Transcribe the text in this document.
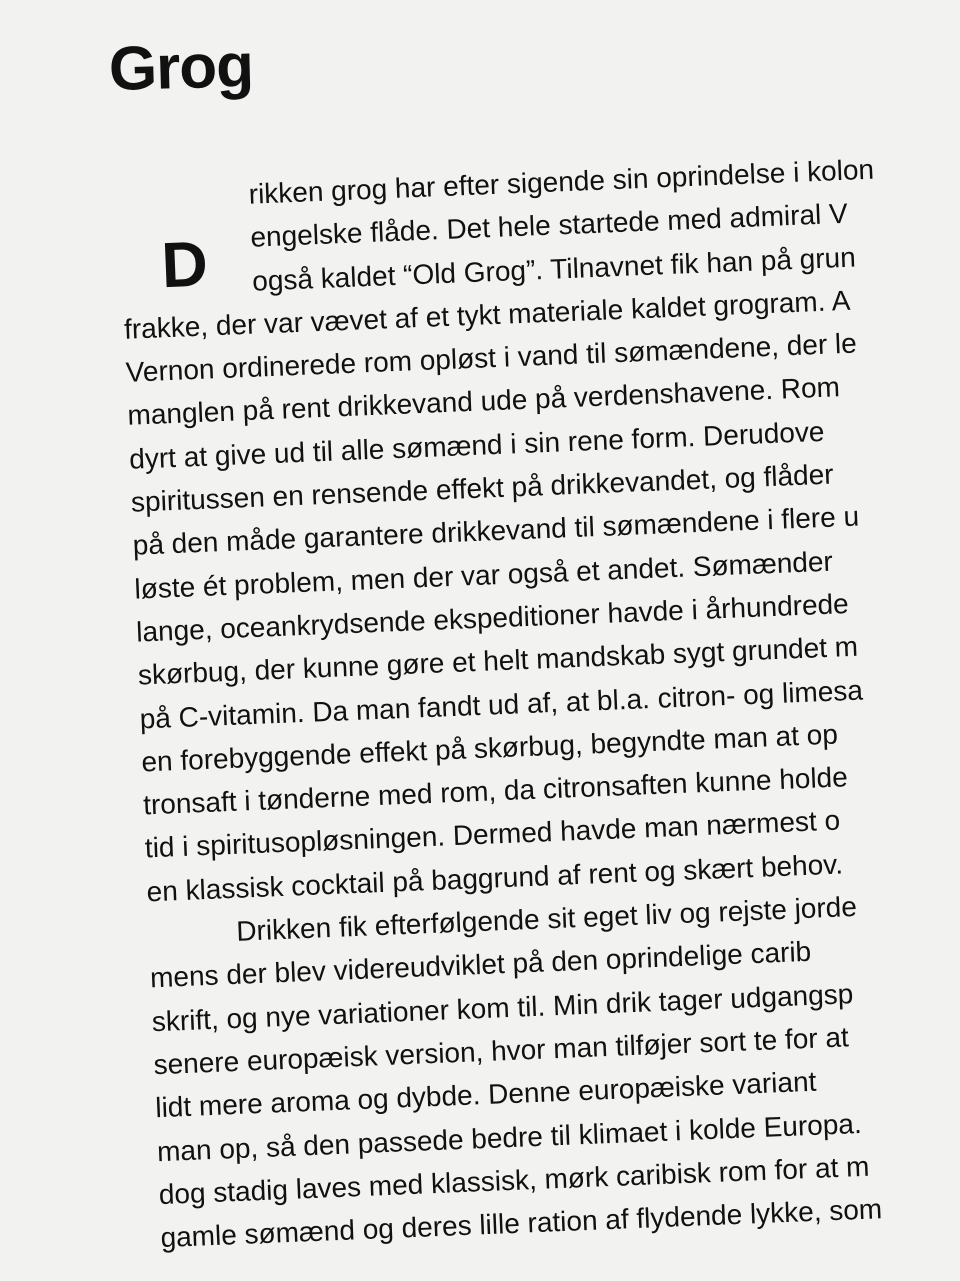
Grog
D
rikken grog har efter sigende sin oprindelse i kolon
engelske flåde. Det hele startede med admiral V
også kaldet “Old Grog”. Tilnavnet fik han på grun
frakke, der var vævet af et tykt materiale kaldet grogram. A
Vernon ordinerede rom opløst i vand til sømændene, der le
manglen på rent drikkevand ude på verdenshavene. Rom
dyrt at give ud til alle sømænd i sin rene form. Derudove
spiritussen en rensende effekt på drikkevandet, og flåder
på den måde garantere drikkevand til sømændene i flere u
løste ét problem, men der var også et andet. Sømænder
lange, oceankrydsende ekspeditioner havde i århundrede
skørbug, der kunne gøre et helt mandskab sygt grundet m
på C-vitamin. Da man fandt ud af, at bl.a. citron- og limesa
en forebyggende effekt på skørbug, begyndte man at op
tronsaft i tønderne med rom, da citronsaften kunne holde
tid i spiritusopløsningen. Dermed havde man nærmest o
en klassisk cocktail på baggrund af rent og skært behov.
Drikken fik efterfølgende sit eget liv og rejste jorde
mens der blev videreudviklet på den oprindelige carib
skrift, og nye variationer kom til. Min drik tager udgangsp
senere europæisk version, hvor man tilføjer sort te for at
lidt mere aroma og dybde. Denne europæiske variant
man op, så den passede bedre til klimaet i kolde Europa.
dog stadig laves med klassisk, mørk caribisk rom for at m
gamle sømænd og deres lille ration af flydende lykke, som
